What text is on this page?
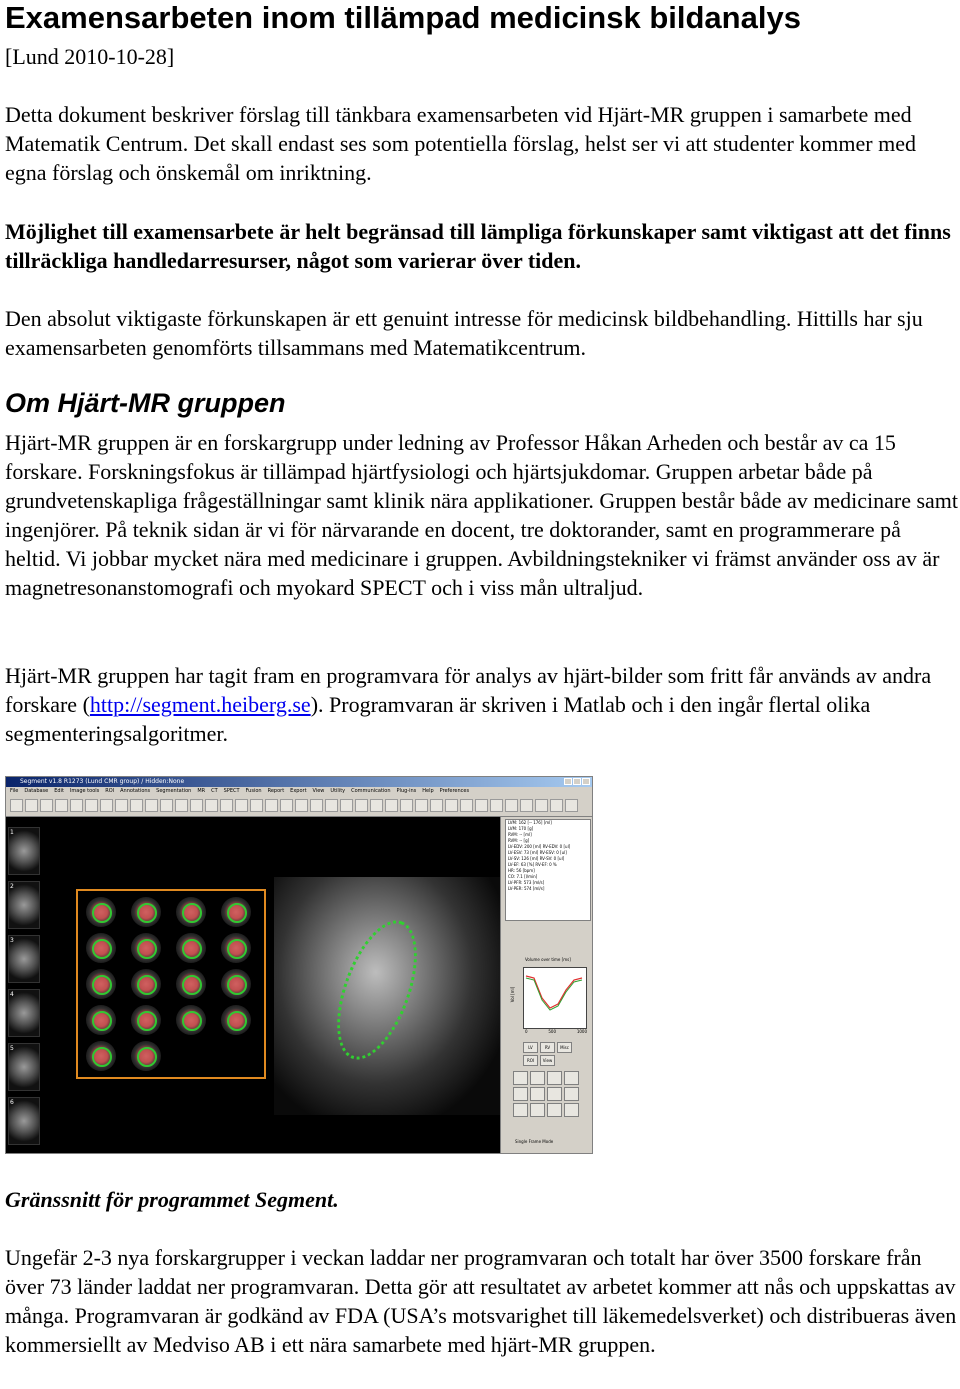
Examensarbeten inom tillämpad medicinsk bildanalys
[Lund 2010-10-28]

Detta dokument beskriver förslag till tänkbara examensarbeten vid Hjärt-MR gruppen i samarbete med Matematik Centrum. Det skall endast ses som potentiella förslag, helst ser vi att studenter kommer med egna förslag och önskemål om inriktning.

Möjlighet till examensarbete är helt begränsad till lämpliga förkunskaper samt viktigast att det finns tillräckliga handledarresurser, något som varierar över tiden.

Den absolut viktigaste förkunskapen är ett genuint intresse för medicinsk bildbehandling. Hittills har sju examensarbeten genomförts tillsammans med Matematikcentrum.

Om Hjärt-MR gruppen

Hjärt-MR gruppen är en forskargrupp under ledning av Professor Håkan Arheden och består av ca 15 forskare. Forskningsfokus är tillämpad hjärtfysiologi och hjärtsjukdomar. Gruppen arbetar både på grundvetenskapliga frågeställningar samt klinik nära applikationer. Gruppen består både av medicinare samt ingenjörer. På teknik sidan är vi för närvarande en docent, tre doktorander, samt en programmerare på heltid. Vi jobbar mycket nära med medicinare i gruppen. Avbildningstekniker vi främst använder oss av är magnetresonanstomografi och myokard SPECT och i viss mån ultraljud.

Hjärt-MR gruppen har tagit fram en programvara för analys av hjärt-bilder som fritt får används av andra forskare (http://segment.heiberg.se). Programvaran är skriven i Matlab och i den ingår flertal olika segmenteringsalgoritmer.

Segment v1.8 R1273 (Lund CMR group) / Hidden:None
File Database Edit Image tools ROI Annotations Segmentation MR CT SPECT Fusion Report Export View Utility Communication Plug-ins Help Preferences
1
2
3
4
5
6
LVM: 162 [-- 176] [ml]
LVM: 170 [g]
RVM: -- [ml]
RVM: -- [g]
LV-EDV: 200 [ml] RV-EDV: 0 [ul]
LV-ESV: 73 [ml] RV-ESV: 0 [ul]
LV-SV: 126 [ml] RV-SV: 0 [ul]
LV-EF: 63 [%] RV-EF: 0 %
HR: 56 [bpm]
CO: 7.1 [l/min]
LV-PFR: 573 [ml/s]
LV-PER: 574 [ml/s]
Volume over time [ms]
Vol [ml]
0	500	1000
LV	RV	Misc
ROI	View
Single Frame Mode

Gränssnitt för programmet Segment.

Ungefär 2-3 nya forskargrupper i veckan laddar ner programvaran och totalt har över 3500 forskare från över 73 länder laddat ner programvaran. Detta gör att resultatet av arbetet kommer att nås och uppskattas av många. Programvaran är godkänd av FDA (USA’s motsvarighet till läkemedelsverket) och distribueras även kommersiellt av Medviso AB i ett nära samarbete med hjärt-MR gruppen.
